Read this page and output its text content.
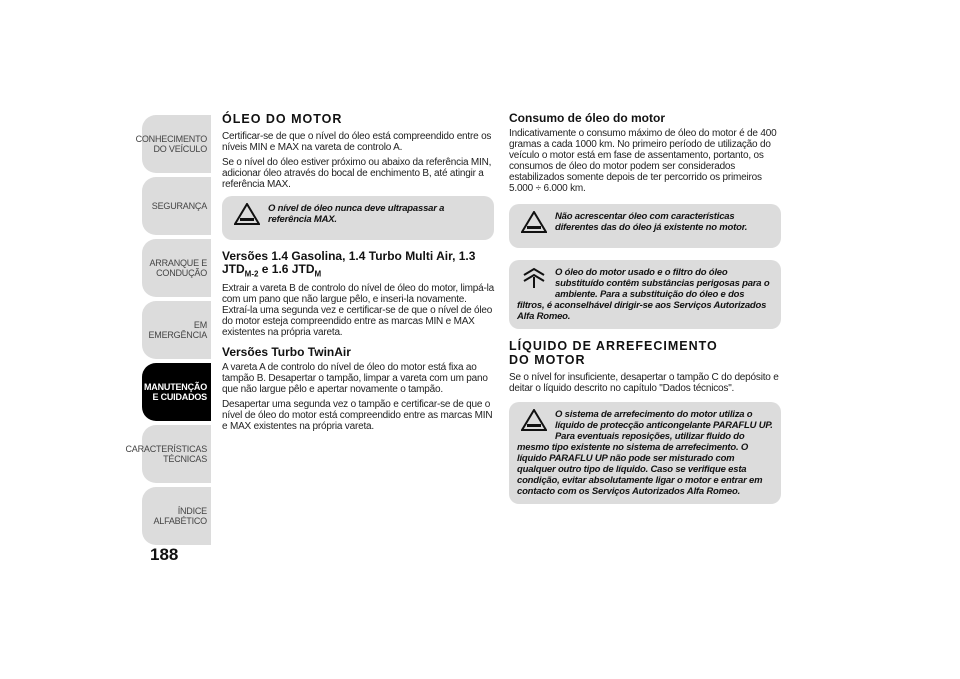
CONHECIMENTO DO VEÍCULO
SEGURANÇA
ARRANQUE E CONDUÇÃO
EM EMERGÊNCIA
MANUTENÇÃO E CUIDADOS
CARACTERÍSTICAS TÉCNICAS
ÍNDICE ALFABÉTICO
188
ÓLEO DO MOTOR

Certificar-se de que o nível do óleo está compreendido entre os níveis MIN e MAX na vareta de controlo A.

Se o nível do óleo estiver próximo ou abaixo da referência MIN, adicionar óleo através do bocal de enchimento B, até atingir a referência MAX.

O nível de óleo nunca deve ultrapassar a referência MAX.

Versões 1.4 Gasolina, 1.4 Turbo Multi Air, 1.3 $JTD_{M-2}$ e 1.6 $JTD_M$

Extrair a vareta B de controlo do nível de óleo do motor, limpá-la com um pano que não largue pêlo, e inseri-la novamente. Extraí-la uma segunda vez e certificar-se de que o nível de óleo do motor esteja compreendido entre as marcas MIN e MAX existentes na própria vareta.

Versões Turbo TwinAir

A vareta A de controlo do nível de óleo do motor está fixa ao tampão B. Desapertar o tampão, limpar a vareta com um pano que não largue pêlo e apertar novamente o tampão.

Desapertar uma segunda vez o tampão e certificar-se de que o nível de óleo do motor está compreendido entre as marcas MIN e MAX existentes na própria vareta.

Consumo de óleo do motor

Indicativamente o consumo máximo de óleo do motor é de 400 gramas a cada 1000 km. No primeiro período de utilização do veículo o motor está em fase de assentamento, portanto, os consumos de óleo do motor podem ser considerados estabilizados somente depois de ter percorrido os primeiros 5.000 ÷ 6.000 km.

Não acrescentar óleo com características diferentes das do óleo já existente no motor.

O óleo do motor usado e o filtro do óleo substituído contêm substâncias perigosas para o ambiente. Para a substituição do óleo e dos filtros, é aconselhável dirigir-se aos Serviços Autorizados Alfa Romeo.

LÍQUIDO DE ARREFECIMENTO DO MOTOR

Se o nível for insuficiente, desapertar o tampão C do depósito e deitar o líquido descrito no capítulo "Dados técnicos".

O sistema de arrefecimento do motor utiliza o líquido de protecção anticongelante PARAFLU UP. Para eventuais reposições, utilizar fluido do mesmo tipo existente no sistema de arrefecimento. O líquido PARAFLU UP não pode ser misturado com qualquer outro tipo de líquido. Caso se verifique esta condição, evitar absolutamente ligar o motor e entrar em contacto com os Serviços Autorizados Alfa Romeo.
